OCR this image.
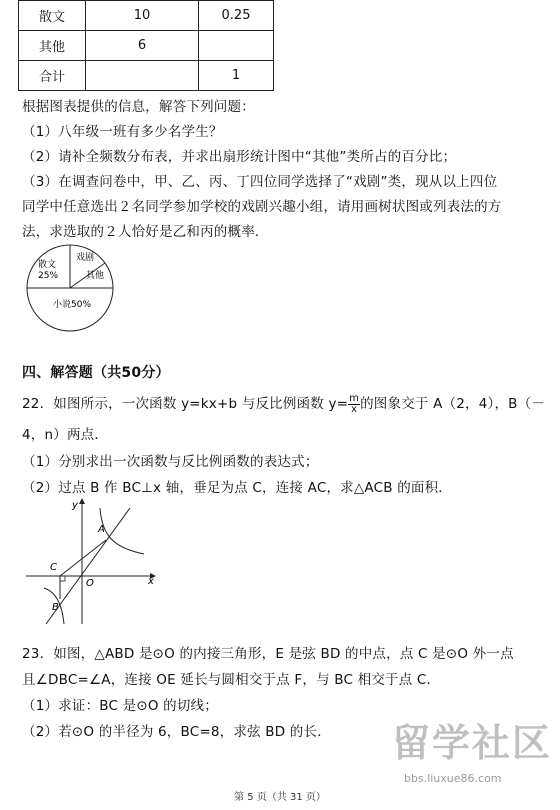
散文	10	0.25
其他	6	
合计		1
根据图表提供的信息，解答下列问题：
（1）八年级一班有多少名学生？
（2）请补全频数分布表，并求出扇形统计图中“其他”类所占的百分比；
（3）在调查问卷中，甲、乙、丙、丁四位同学选择了“戏剧”类，现从以上四位
同学中任意选出２名同学参加学校的戏剧兴趣小组，请用画树状图或列表法的方
法，求选取的２人恰好是乙和丙的概率．
散文
25%
戏剧
其他
小说50%
四、解答题（共50分）
22．如图所示，一次函数 y=kx+b 与反比例函数 $y= \frac{m}{x}$ 的图象交于 A（2，4），B（－
4，n）两点．
（1）分别求出一次函数与反比例函数的表达式；
（2）过点 B 作 BC⊥x 轴，垂足为点 C，连接 AC，求△ACB 的面积．
y
x
A
C
O
B
23．如图，△ABD 是⊙O 的内接三角形，E 是弦 BD 的中点，点 C 是⊙O 外一点
且∠DBC=∠A，连接 OE 延长与圆相交于点 F，与 BC 相交于点 C．
（1）求证：BC 是⊙O 的切线；
（2）若⊙O 的半径为 6，BC=8，求弦 BD 的长． 留学社区
bbs.liuxue86.com
第 5 页（共 31 页）
